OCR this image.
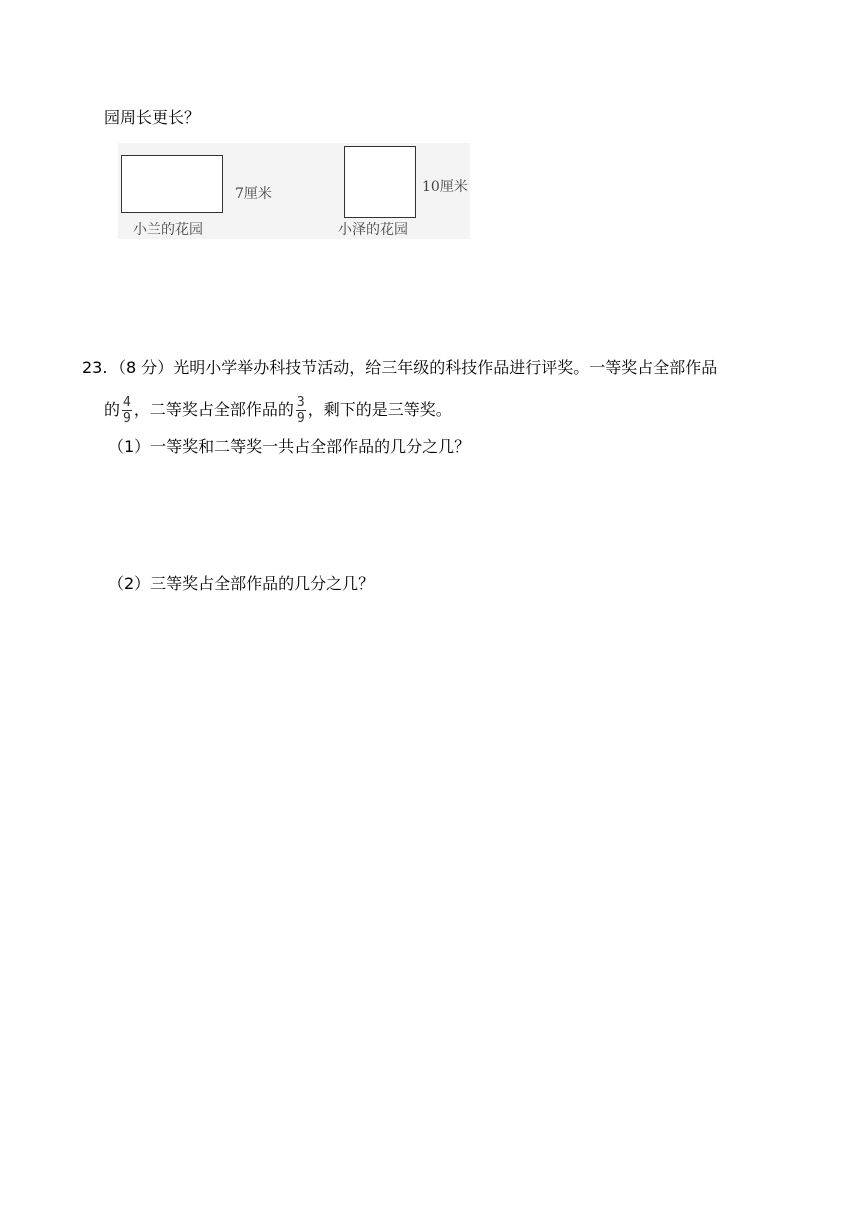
园周长更长？
7厘米
小兰的花园
10厘米
小泽的花园
23. （8 分）光明小学举办科技节活动，给三年级的科技作品进行评奖。一等奖占全部作品
的 $\frac{4}{9}$ ，二等奖占全部作品的 $\frac{3}{9}$ ，剩下的是三等奖。
（1）一等奖和二等奖一共占全部作品的几分之几？
（2）三等奖占全部作品的几分之几？
